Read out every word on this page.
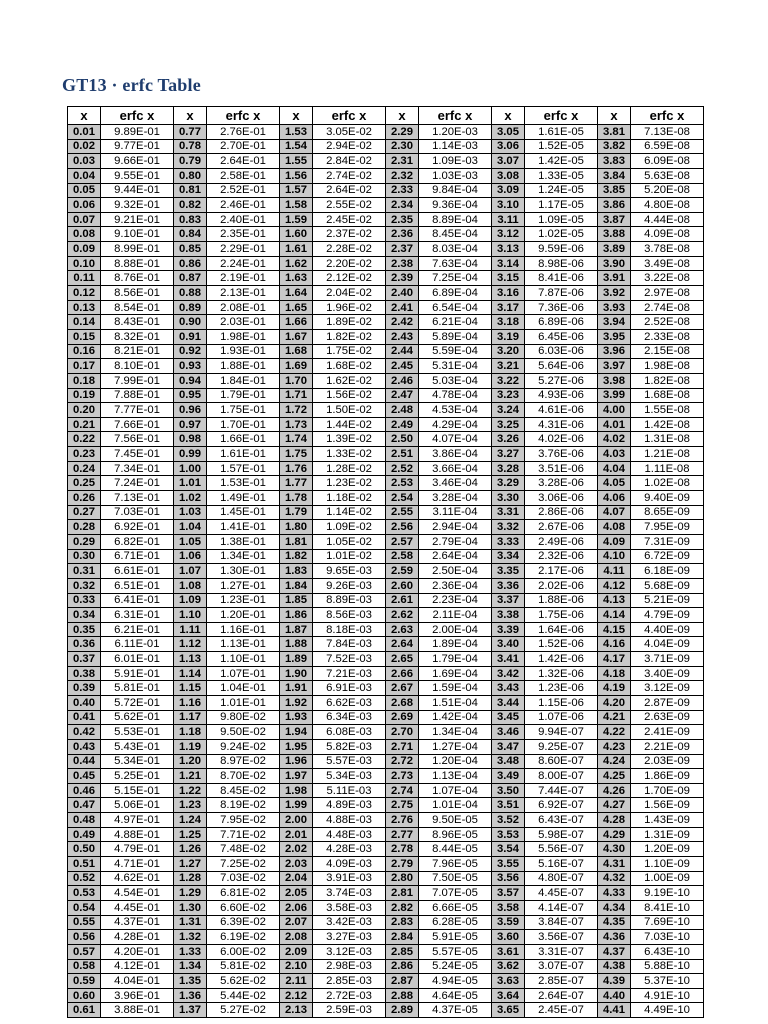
GT13 · erfc Table
x	erfc x	x	erfc x	x	erfc x	x	erfc x	x	erfc x	x	erfc x
0.01	9.89E-01	0.77	2.76E-01	1.53	3.05E-02	2.29	1.20E-03	3.05	1.61E-05	3.81	7.13E-08
0.02	9.77E-01	0.78	2.70E-01	1.54	2.94E-02	2.30	1.14E-03	3.06	1.52E-05	3.82	6.59E-08
0.03	9.66E-01	0.79	2.64E-01	1.55	2.84E-02	2.31	1.09E-03	3.07	1.42E-05	3.83	6.09E-08
0.04	9.55E-01	0.80	2.58E-01	1.56	2.74E-02	2.32	1.03E-03	3.08	1.33E-05	3.84	5.63E-08
0.05	9.44E-01	0.81	2.52E-01	1.57	2.64E-02	2.33	9.84E-04	3.09	1.24E-05	3.85	5.20E-08
0.06	9.32E-01	0.82	2.46E-01	1.58	2.55E-02	2.34	9.36E-04	3.10	1.17E-05	3.86	4.80E-08
0.07	9.21E-01	0.83	2.40E-01	1.59	2.45E-02	2.35	8.89E-04	3.11	1.09E-05	3.87	4.44E-08
0.08	9.10E-01	0.84	2.35E-01	1.60	2.37E-02	2.36	8.45E-04	3.12	1.02E-05	3.88	4.09E-08
0.09	8.99E-01	0.85	2.29E-01	1.61	2.28E-02	2.37	8.03E-04	3.13	9.59E-06	3.89	3.78E-08
0.10	8.88E-01	0.86	2.24E-01	1.62	2.20E-02	2.38	7.63E-04	3.14	8.98E-06	3.90	3.49E-08
0.11	8.76E-01	0.87	2.19E-01	1.63	2.12E-02	2.39	7.25E-04	3.15	8.41E-06	3.91	3.22E-08
0.12	8.56E-01	0.88	2.13E-01	1.64	2.04E-02	2.40	6.89E-04	3.16	7.87E-06	3.92	2.97E-08
0.13	8.54E-01	0.89	2.08E-01	1.65	1.96E-02	2.41	6.54E-04	3.17	7.36E-06	3.93	2.74E-08
0.14	8.43E-01	0.90	2.03E-01	1.66	1.89E-02	2.42	6.21E-04	3.18	6.89E-06	3.94	2.52E-08
0.15	8.32E-01	0.91	1.98E-01	1.67	1.82E-02	2.43	5.89E-04	3.19	6.45E-06	3.95	2.33E-08
0.16	8.21E-01	0.92	1.93E-01	1.68	1.75E-02	2.44	5.59E-04	3.20	6.03E-06	3.96	2.15E-08
0.17	8.10E-01	0.93	1.88E-01	1.69	1.68E-02	2.45	5.31E-04	3.21	5.64E-06	3.97	1.98E-08
0.18	7.99E-01	0.94	1.84E-01	1.70	1.62E-02	2.46	5.03E-04	3.22	5.27E-06	3.98	1.82E-08
0.19	7.88E-01	0.95	1.79E-01	1.71	1.56E-02	2.47	4.78E-04	3.23	4.93E-06	3.99	1.68E-08
0.20	7.77E-01	0.96	1.75E-01	1.72	1.50E-02	2.48	4.53E-04	3.24	4.61E-06	4.00	1.55E-08
0.21	7.66E-01	0.97	1.70E-01	1.73	1.44E-02	2.49	4.29E-04	3.25	4.31E-06	4.01	1.42E-08
0.22	7.56E-01	0.98	1.66E-01	1.74	1.39E-02	2.50	4.07E-04	3.26	4.02E-06	4.02	1.31E-08
0.23	7.45E-01	0.99	1.61E-01	1.75	1.33E-02	2.51	3.86E-04	3.27	3.76E-06	4.03	1.21E-08
0.24	7.34E-01	1.00	1.57E-01	1.76	1.28E-02	2.52	3.66E-04	3.28	3.51E-06	4.04	1.11E-08
0.25	7.24E-01	1.01	1.53E-01	1.77	1.23E-02	2.53	3.46E-04	3.29	3.28E-06	4.05	1.02E-08
0.26	7.13E-01	1.02	1.49E-01	1.78	1.18E-02	2.54	3.28E-04	3.30	3.06E-06	4.06	9.40E-09
0.27	7.03E-01	1.03	1.45E-01	1.79	1.14E-02	2.55	3.11E-04	3.31	2.86E-06	4.07	8.65E-09
0.28	6.92E-01	1.04	1.41E-01	1.80	1.09E-02	2.56	2.94E-04	3.32	2.67E-06	4.08	7.95E-09
0.29	6.82E-01	1.05	1.38E-01	1.81	1.05E-02	2.57	2.79E-04	3.33	2.49E-06	4.09	7.31E-09
0.30	6.71E-01	1.06	1.34E-01	1.82	1.01E-02	2.58	2.64E-04	3.34	2.32E-06	4.10	6.72E-09
0.31	6.61E-01	1.07	1.30E-01	1.83	9.65E-03	2.59	2.50E-04	3.35	2.17E-06	4.11	6.18E-09
0.32	6.51E-01	1.08	1.27E-01	1.84	9.26E-03	2.60	2.36E-04	3.36	2.02E-06	4.12	5.68E-09
0.33	6.41E-01	1.09	1.23E-01	1.85	8.89E-03	2.61	2.23E-04	3.37	1.88E-06	4.13	5.21E-09
0.34	6.31E-01	1.10	1.20E-01	1.86	8.56E-03	2.62	2.11E-04	3.38	1.75E-06	4.14	4.79E-09
0.35	6.21E-01	1.11	1.16E-01	1.87	8.18E-03	2.63	2.00E-04	3.39	1.64E-06	4.15	4.40E-09
0.36	6.11E-01	1.12	1.13E-01	1.88	7.84E-03	2.64	1.89E-04	3.40	1.52E-06	4.16	4.04E-09
0.37	6.01E-01	1.13	1.10E-01	1.89	7.52E-03	2.65	1.79E-04	3.41	1.42E-06	4.17	3.71E-09
0.38	5.91E-01	1.14	1.07E-01	1.90	7.21E-03	2.66	1.69E-04	3.42	1.32E-06	4.18	3.40E-09
0.39	5.81E-01	1.15	1.04E-01	1.91	6.91E-03	2.67	1.59E-04	3.43	1.23E-06	4.19	3.12E-09
0.40	5.72E-01	1.16	1.01E-01	1.92	6.62E-03	2.68	1.51E-04	3.44	1.15E-06	4.20	2.87E-09
0.41	5.62E-01	1.17	9.80E-02	1.93	6.34E-03	2.69	1.42E-04	3.45	1.07E-06	4.21	2.63E-09
0.42	5.53E-01	1.18	9.50E-02	1.94	6.08E-03	2.70	1.34E-04	3.46	9.94E-07	4.22	2.41E-09
0.43	5.43E-01	1.19	9.24E-02	1.95	5.82E-03	2.71	1.27E-04	3.47	9.25E-07	4.23	2.21E-09
0.44	5.34E-01	1.20	8.97E-02	1.96	5.57E-03	2.72	1.20E-04	3.48	8.60E-07	4.24	2.03E-09
0.45	5.25E-01	1.21	8.70E-02	1.97	5.34E-03	2.73	1.13E-04	3.49	8.00E-07	4.25	1.86E-09
0.46	5.15E-01	1.22	8.45E-02	1.98	5.11E-03	2.74	1.07E-04	3.50	7.44E-07	4.26	1.70E-09
0.47	5.06E-01	1.23	8.19E-02	1.99	4.89E-03	2.75	1.01E-04	3.51	6.92E-07	4.27	1.56E-09
0.48	4.97E-01	1.24	7.95E-02	2.00	4.88E-03	2.76	9.50E-05	3.52	6.43E-07	4.28	1.43E-09
0.49	4.88E-01	1.25	7.71E-02	2.01	4.48E-03	2.77	8.96E-05	3.53	5.98E-07	4.29	1.31E-09
0.50	4.79E-01	1.26	7.48E-02	2.02	4.28E-03	2.78	8.44E-05	3.54	5.56E-07	4.30	1.20E-09
0.51	4.71E-01	1.27	7.25E-02	2.03	4.09E-03	2.79	7.96E-05	3.55	5.16E-07	4.31	1.10E-09
0.52	4.62E-01	1.28	7.03E-02	2.04	3.91E-03	2.80	7.50E-05	3.56	4.80E-07	4.32	1.00E-09
0.53	4.54E-01	1.29	6.81E-02	2.05	3.74E-03	2.81	7.07E-05	3.57	4.45E-07	4.33	9.19E-10
0.54	4.45E-01	1.30	6.60E-02	2.06	3.58E-03	2.82	6.66E-05	3.58	4.14E-07	4.34	8.41E-10
0.55	4.37E-01	1.31	6.39E-02	2.07	3.42E-03	2.83	6.28E-05	3.59	3.84E-07	4.35	7.69E-10
0.56	4.28E-01	1.32	6.19E-02	2.08	3.27E-03	2.84	5.91E-05	3.60	3.56E-07	4.36	7.03E-10
0.57	4.20E-01	1.33	6.00E-02	2.09	3.12E-03	2.85	5.57E-05	3.61	3.31E-07	4.37	6.43E-10
0.58	4.12E-01	1.34	5.81E-02	2.10	2.98E-03	2.86	5.24E-05	3.62	3.07E-07	4.38	5.88E-10
0.59	4.04E-01	1.35	5.62E-02	2.11	2.85E-03	2.87	4.94E-05	3.63	2.85E-07	4.39	5.37E-10
0.60	3.96E-01	1.36	5.44E-02	2.12	2.72E-03	2.88	4.64E-05	3.64	2.64E-07	4.40	4.91E-10
0.61	3.88E-01	1.37	5.27E-02	2.13	2.59E-03	2.89	4.37E-05	3.65	2.45E-07	4.41	4.49E-10
